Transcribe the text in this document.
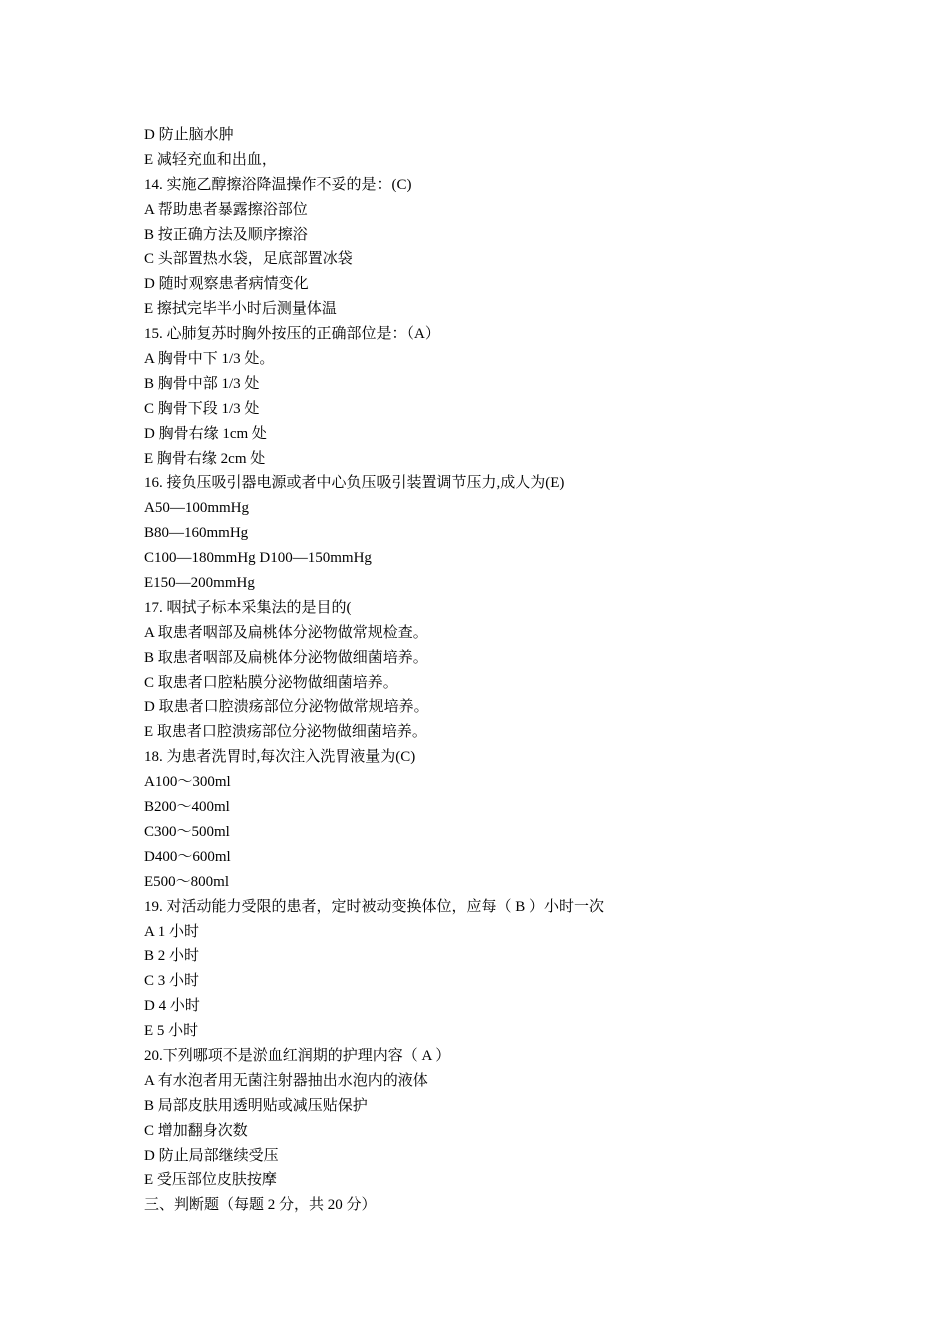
D 防止脑水肿
E 减轻充血和出血，
14. 实施乙醇擦浴降温操作不妥的是：(C)
A 帮助患者暴露擦浴部位
B 按正确方法及顺序擦浴
C 头部置热水袋，足底部置冰袋
D 随时观察患者病情变化
E 擦拭完毕半小时后测量体温
15. 心肺复苏时胸外按压的正确部位是：（A）
A 胸骨中下 1/3 处。
B 胸骨中部 1/3 处
C 胸骨下段 1/3 处
D 胸骨右缘 1cm 处
E 胸骨右缘 2cm 处
16. 接负压吸引器电源或者中心负压吸引装置调节压力,成人为(E)
A50—100mmHg
B80—160mmHg
C100—180mmHg D100—150mmHg
E150—200mmHg
17. 咽拭子标本采集法的是目的(
A 取患者咽部及扁桃体分泌物做常规检查。
B 取患者咽部及扁桃体分泌物做细菌培养。
C 取患者口腔粘膜分泌物做细菌培养。
D 取患者口腔溃疡部位分泌物做常规培养。
E 取患者口腔溃疡部位分泌物做细菌培养。
18. 为患者洗胃时,每次注入洗胃液量为(C)
A100～300ml
B200～400ml
C300～500ml
D400～600ml
E500～800ml
19. 对活动能力受限的患者，定时被动变换体位，应每（ B ）小时一次
A 1 小时
B 2 小时
C 3 小时
D 4 小时
E 5 小时
20.下列哪项不是淤血红润期的护理内容（ A ）
A 有水泡者用无菌注射器抽出水泡内的液体
B 局部皮肤用透明贴或减压贴保护
C 增加翻身次数
D 防止局部继续受压
E 受压部位皮肤按摩
三、判断题（每题 2 分，共 20 分）
